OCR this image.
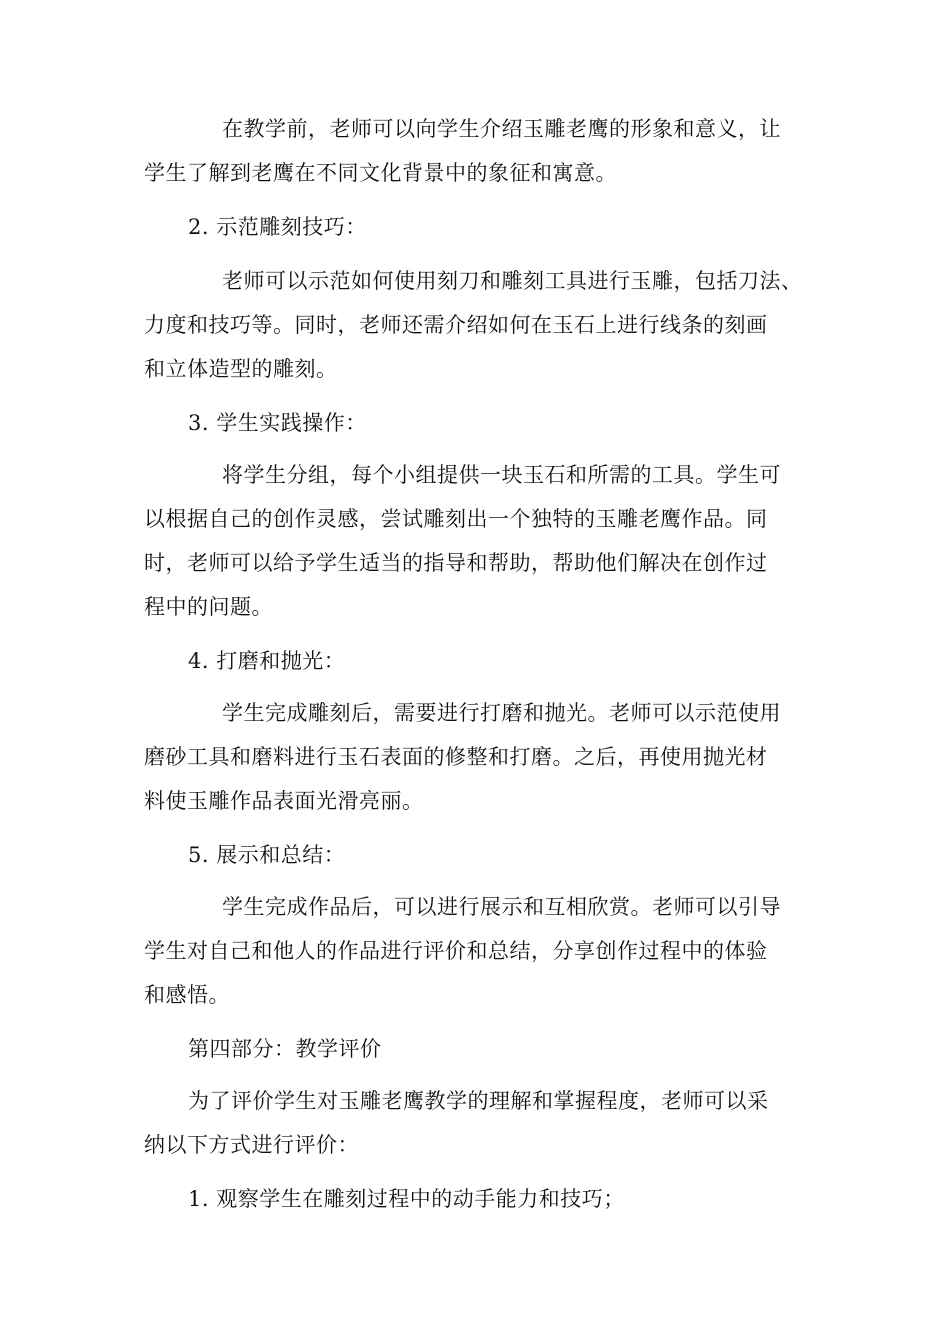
在教学前，老师可以向学生介绍玉雕老鹰的形象和意义，让
学生了解到老鹰在不同文化背景中的象征和寓意。
2. 示范雕刻技巧：
老师可以示范如何使用刻刀和雕刻工具进行玉雕，包括刀法、
力度和技巧等。同时，老师还需介绍如何在玉石上进行线条的刻画
和立体造型的雕刻。
3. 学生实践操作：
将学生分组，每个小组提供一块玉石和所需的工具。学生可
以根据自己的创作灵感，尝试雕刻出一个独特的玉雕老鹰作品。同
时，老师可以给予学生适当的指导和帮助，帮助他们解决在创作过
程中的问题。
4. 打磨和抛光：
学生完成雕刻后，需要进行打磨和抛光。老师可以示范使用
磨砂工具和磨料进行玉石表面的修整和打磨。之后，再使用抛光材
料使玉雕作品表面光滑亮丽。
5. 展示和总结：
学生完成作品后，可以进行展示和互相欣赏。老师可以引导
学生对自己和他人的作品进行评价和总结，分享创作过程中的体验
和感悟。
第四部分：教学评价
为了评价学生对玉雕老鹰教学的理解和掌握程度，老师可以采
纳以下方式进行评价：
1. 观察学生在雕刻过程中的动手能力和技巧；
